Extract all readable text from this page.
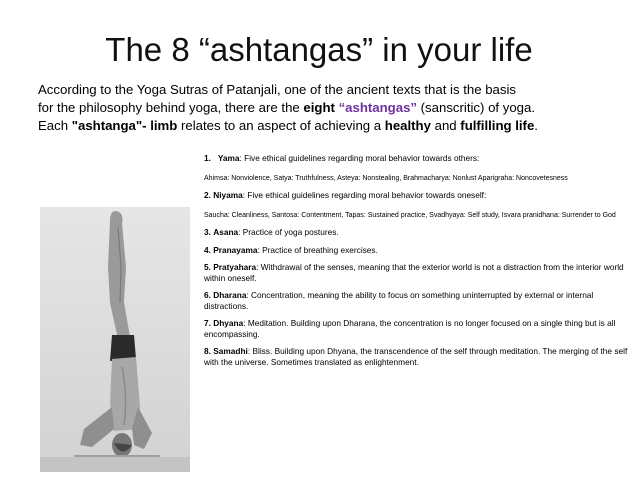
The 8 “ashtangas” in your life
According to the Yoga Sutras of Patanjali, one of the ancient texts that is the basis
for the philosophy behind yoga, there are the eight “ashtangas” (sanscritic) of yoga.
Each "ashtanga"- limb relates to an aspect of achieving a healthy and fulfilling life.
1. Yama: Five ethical guidelines regarding moral behavior towards others:
Ahimsa: Nonviolence, Satya: Truthfulness, Asteya: Nonstealing, Brahmacharya: Nonlust Aparigraha: Noncovetesness
2. Niyama: Five ethical guidelines regarding moral behavior towards oneself:
Saucha: Cleanliness, Santosa: Contentment, Tapas: Sustained practice, Svadhyaya: Self study, Isvara pranidhana: Surrender to God
3. Asana: Practice of yoga postures.
4. Pranayama: Practice of breathing exercises.
5. Pratyahara: Withdrawal of the senses, meaning that the exterior world is not a distraction from the interior world within oneself.
6. Dharana: Concentration, meaning the ability to focus on something uninterrupted by external or internal distractions.
7. Dhyana: Meditation. Building upon Dharana, the concentration is no longer focused on a single thing but is all encompassing.
8. Samadhi: Bliss. Building upon Dhyana, the transcendence of the self through meditation. The merging of the self with the universe. Sometimes translated as enlightenment.
